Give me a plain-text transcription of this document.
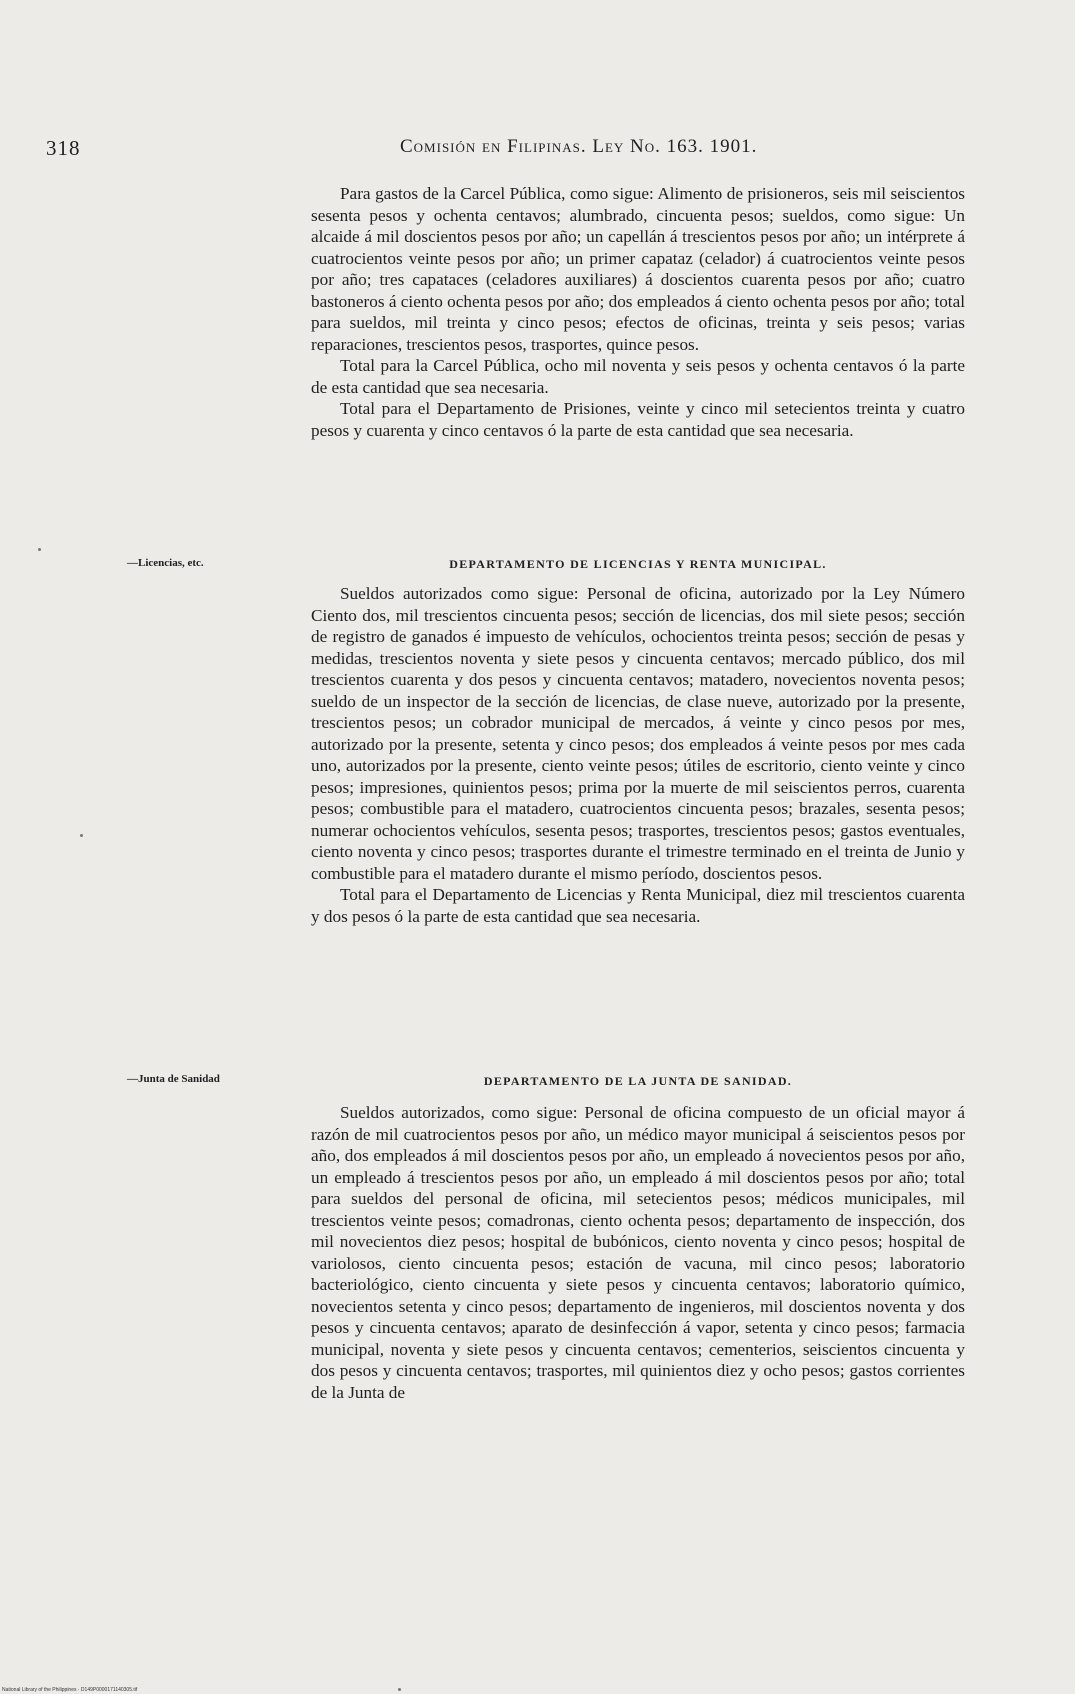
318	Comisión en Filipinas. Ley No. 163. 1901.

Para gastos de la Carcel Pública, como sigue: Alimento de prisioneros, seis mil seiscientos sesenta pesos y ochenta centavos; alumbrado, cincuenta pesos; sueldos, como sigue: Un alcaide á mil doscientos pesos por año; un capellán á trescientos pesos por año; un intérprete á cuatrocientos veinte pesos por año; un primer capataz (celador) á cuatrocientos veinte pesos por año; tres capataces (celadores auxiliares) á doscientos cuarenta pesos por año; cuatro bastoneros á ciento ochenta pesos por año; dos empleados á ciento ochenta pesos por año; total para sueldos, mil treinta y cinco pesos; efectos de oficinas, treinta y seis pesos; varias reparaciones, trescientos pesos, trasportes, quince pesos.

Total para la Carcel Pública, ocho mil noventa y seis pesos y ochenta centavos ó la parte de esta cantidad que sea necesaria.

Total para el Departamento de Prisiones, veinte y cinco mil setecientos treinta y cuatro pesos y cuarenta y cinco centavos ó la parte de esta cantidad que sea necesaria.

—Licencias, etc.	DEPARTAMENTO DE LICENCIAS Y RENTA MUNICIPAL.

Sueldos autorizados como sigue: Personal de oficina, autorizado por la Ley Número Ciento dos, mil trescientos cincuenta pesos; sección de licencias, dos mil siete pesos; sección de registro de ganados é impuesto de vehículos, ochocientos treinta pesos; sección de pesas y medidas, trescientos noventa y siete pesos y cincuenta centavos; mercado público, dos mil trescientos cuarenta y dos pesos y cincuenta centavos; matadero, novecientos noventa pesos; sueldo de un inspector de la sección de licencias, de clase nueve, autorizado por la presente, trescientos pesos; un cobrador municipal de mercados, á veinte y cinco pesos por mes, autorizado por la presente, setenta y cinco pesos; dos empleados á veinte pesos por mes cada uno, autorizados por la presente, ciento veinte pesos; útiles de escritorio, ciento veinte y cinco pesos; impresiones, quinientos pesos; prima por la muerte de mil seiscientos perros, cuarenta pesos; combustible para el matadero, cuatrocientos cincuenta pesos; brazales, sesenta pesos; numerar ochocientos vehículos, sesenta pesos; trasportes, trescientos pesos; gastos eventuales, ciento noventa y cinco pesos; trasportes durante el trimestre terminado en el treinta de Junio y combustible para el matadero durante el mismo período, doscientos pesos.

Total para el Departamento de Licencias y Renta Municipal, diez mil trescientos cuarenta y dos pesos ó la parte de esta cantidad que sea necesaria.

—Junta de Sanidad	DEPARTAMENTO DE LA JUNTA DE SANIDAD.

Sueldos autorizados, como sigue: Personal de oficina compuesto de un oficial mayor á razón de mil cuatrocientos pesos por año, un médico mayor municipal á seiscientos pesos por año, dos empleados á mil doscientos pesos por año, un empleado á novecientos pesos por año, un empleado á trescientos pesos por año, un empleado á mil doscientos pesos por año; total para sueldos del personal de oficina, mil setecientos pesos; médicos municipales, mil trescientos veinte pesos; comadronas, ciento ochenta pesos; departamento de inspección, dos mil novecientos diez pesos; hospital de bubónicos, ciento noventa y cinco pesos; hospital de variolosos, ciento cincuenta pesos; estación de vacuna, mil cinco pesos; laboratorio bacteriológico, ciento cincuenta y siete pesos y cincuenta centavos; laboratorio químico, novecientos setenta y cinco pesos; departamento de ingenieros, mil doscientos noventa y dos pesos y cincuenta centavos; aparato de desinfección á vapor, setenta y cinco pesos; farmacia municipal, noventa y siete pesos y cincuenta centavos; cementerios, seiscientos cincuenta y dos pesos y cincuenta centavos; trasportes, mil quinientos diez y ocho pesos; gastos corrientes de la Junta de

National Library of the Philippines · D149P0000171140305.tif
